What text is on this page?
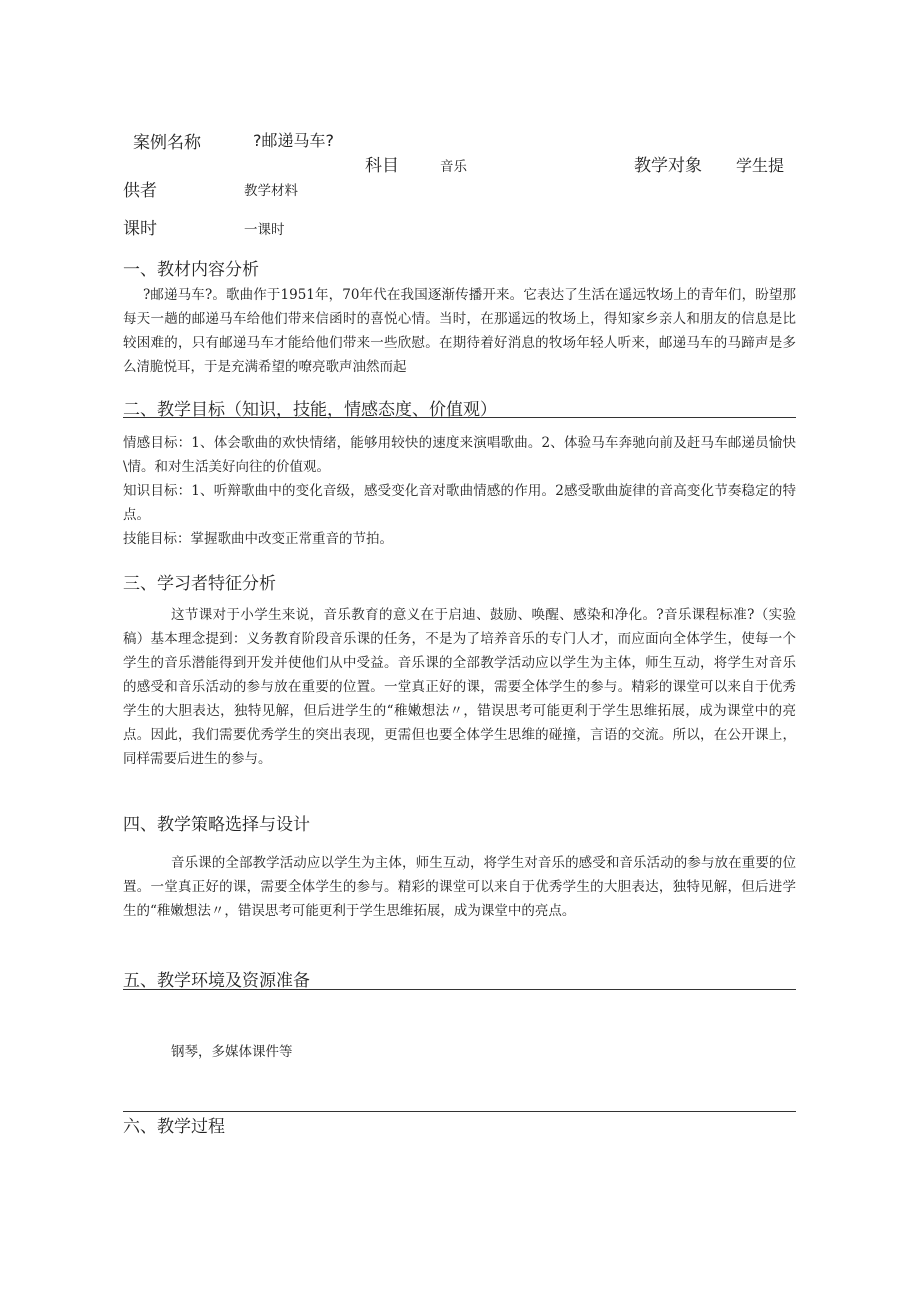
案例名称	?邮递马车?
科目	音乐	教学对象 学生提
供者	教学材料
课时	一课时
一、教材内容分析
?邮递马车?。歌曲作于1951年，70年代在我国逐渐传播开来。它表达了生活在遥远牧场上的青年们，盼望那每天一趟的邮递马车给他们带来信函时的喜悦心情。当时，在那遥远的牧场上，得知家乡亲人和朋友的信息是比较困难的，只有邮递马车才能给他们带来一些欣慰。在期待着好消息的牧场年轻人听来，邮递马车的马蹄声是多么清脆悦耳，于是充满希望的嘹亮歌声油然而起
二、教学目标（知识，技能，情感态度、价值观）
情感目标：1、体会歌曲的欢快情绪，能够用较快的速度来演唱歌曲。2、体验马车奔驰向前及赶马车邮递员愉快\情。和对生活美好向往的价值观。
知识目标：1、听辩歌曲中的变化音级，感受变化音对歌曲情感的作用。2感受歌曲旋律的音高变化节奏稳定的特点。
技能目标：掌握歌曲中改变正常重音的节拍。
三、学习者特征分析
这节课对于小学生来说，音乐教育的意义在于启迪、鼓励、唤醒、感染和净化。?音乐课程标准?（实验稿）基本理念提到：义务教育阶段音乐课的任务，不是为了培养音乐的专门人才，而应面向全体学生，使每一个学生的音乐潜能得到开发并使他们从中受益。音乐课的全部教学活动应以学生为主体，师生互动，将学生对音乐的感受和音乐活动的参与放在重要的位置。一堂真正好的课，需要全体学生的参与。精彩的课堂可以来自于优秀学生的大胆表达，独特见解，但后进学生的“稚嫩想法〃，错误思考可能更利于学生思维拓展，成为课堂中的亮点。因此，我们需要优秀学生的突出表现，更需但也要全体学生思维的碰撞，言语的交流。所以，在公开课上，同样需要后进生的参与。
四、教学策略选择与设计
音乐课的全部教学活动应以学生为主体，师生互动，将学生对音乐的感受和音乐活动的参与放在重要的位置。一堂真正好的课，需要全体学生的参与。精彩的课堂可以来自于优秀学生的大胆表达，独特见解，但后进学生的“稚嫩想法〃，错误思考可能更利于学生思维拓展，成为课堂中的亮点。
五、教学环境及资源准备
钢琴，多媒体课件等
六、教学过程
